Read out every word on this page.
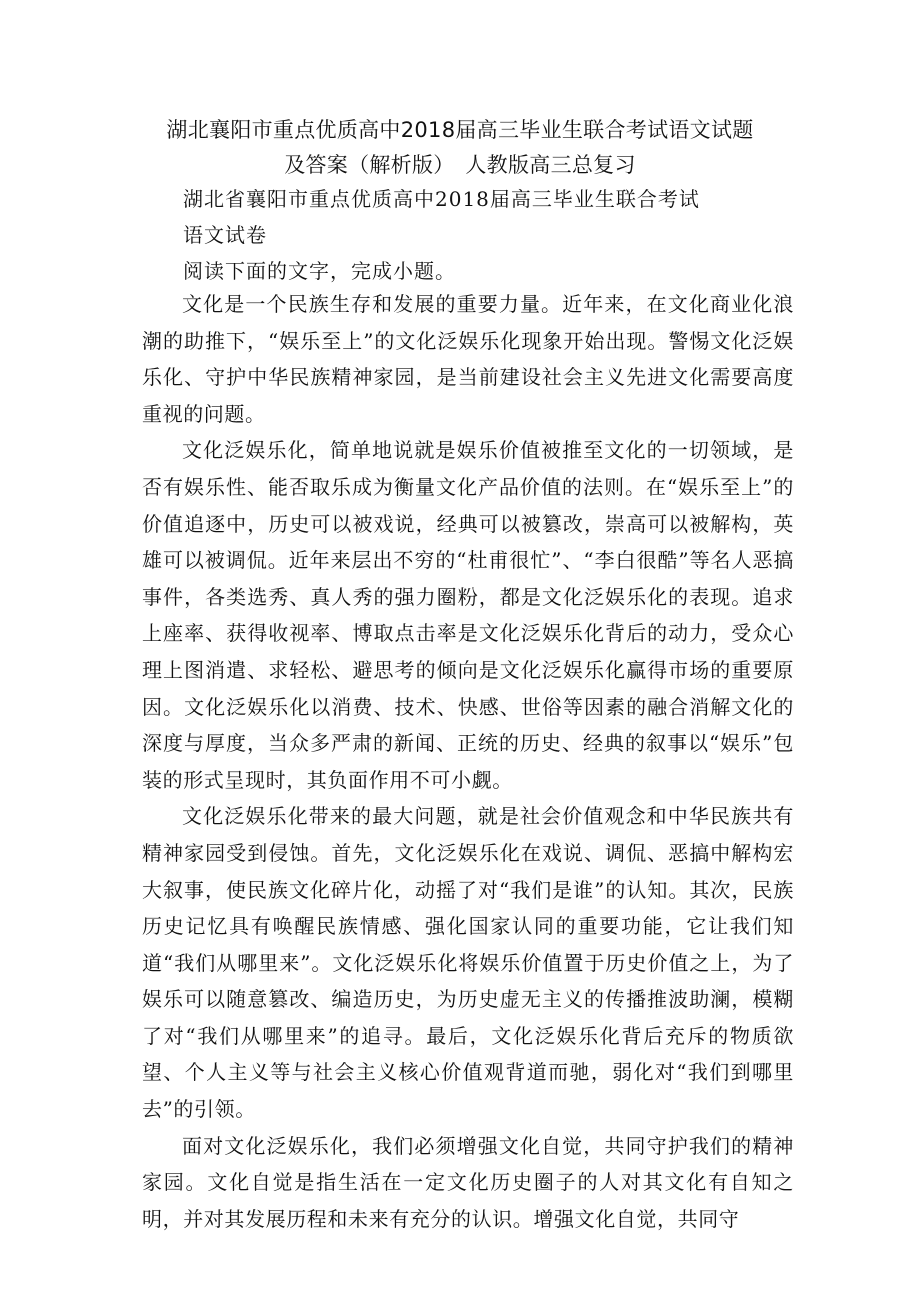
湖北襄阳市重点优质高中2018届高三毕业生联合考试语文试题
及答案（解析版）　人教版高三总复习
湖北省襄阳市重点优质高中2018届高三毕业生联合考试
语文试卷
阅读下面的文字，完成小题。

文化是一个民族生存和发展的重要力量。近年来，在文化商业化浪潮的助推下，“娱乐至上”的文化泛娱乐化现象开始出现。警惕文化泛娱乐化、守护中华民族精神家园，是当前建设社会主义先进文化需要高度重视的问题。

文化泛娱乐化，简单地说就是娱乐价值被推至文化的一切领域，是否有娱乐性、能否取乐成为衡量文化产品价值的法则。在“娱乐至上”的价值追逐中，历史可以被戏说，经典可以被篡改，崇高可以被解构，英雄可以被调侃。近年来层出不穷的“杜甫很忙”、“李白很酷”等名人恶搞事件，各类选秀、真人秀的强力圈粉，都是文化泛娱乐化的表现。追求上座率、获得收视率、博取点击率是文化泛娱乐化背后的动力，受众心理上图消遣、求轻松、避思考的倾向是文化泛娱乐化赢得市场的重要原因。文化泛娱乐化以消费、技术、快感、世俗等因素的融合消解文化的深度与厚度，当众多严肃的新闻、正统的历史、经典的叙事以“娱乐”包装的形式呈现时，其负面作用不可小觑。

文化泛娱乐化带来的最大问题，就是社会价值观念和中华民族共有精神家园受到侵蚀。首先，文化泛娱乐化在戏说、调侃、恶搞中解构宏大叙事，使民族文化碎片化，动摇了对“我们是谁”的认知。其次，民族历史记忆具有唤醒民族情感、强化国家认同的重要功能，它让我们知道“我们从哪里来”。文化泛娱乐化将娱乐价值置于历史价值之上，为了娱乐可以随意篡改、编造历史，为历史虚无主义的传播推波助澜，模糊了对“我们从哪里来”的追寻。最后，文化泛娱乐化背后充斥的物质欲望、个人主义等与社会主义核心价值观背道而驰，弱化对“我们到哪里去”的引领。

面对文化泛娱乐化，我们必须增强文化自觉，共同守护我们的精神家园。文化自觉是指生活在一定文化历史圈子的人对其文化有自知之明，并对其发展历程和未来有充分的认识。增强文化自觉，共同守
